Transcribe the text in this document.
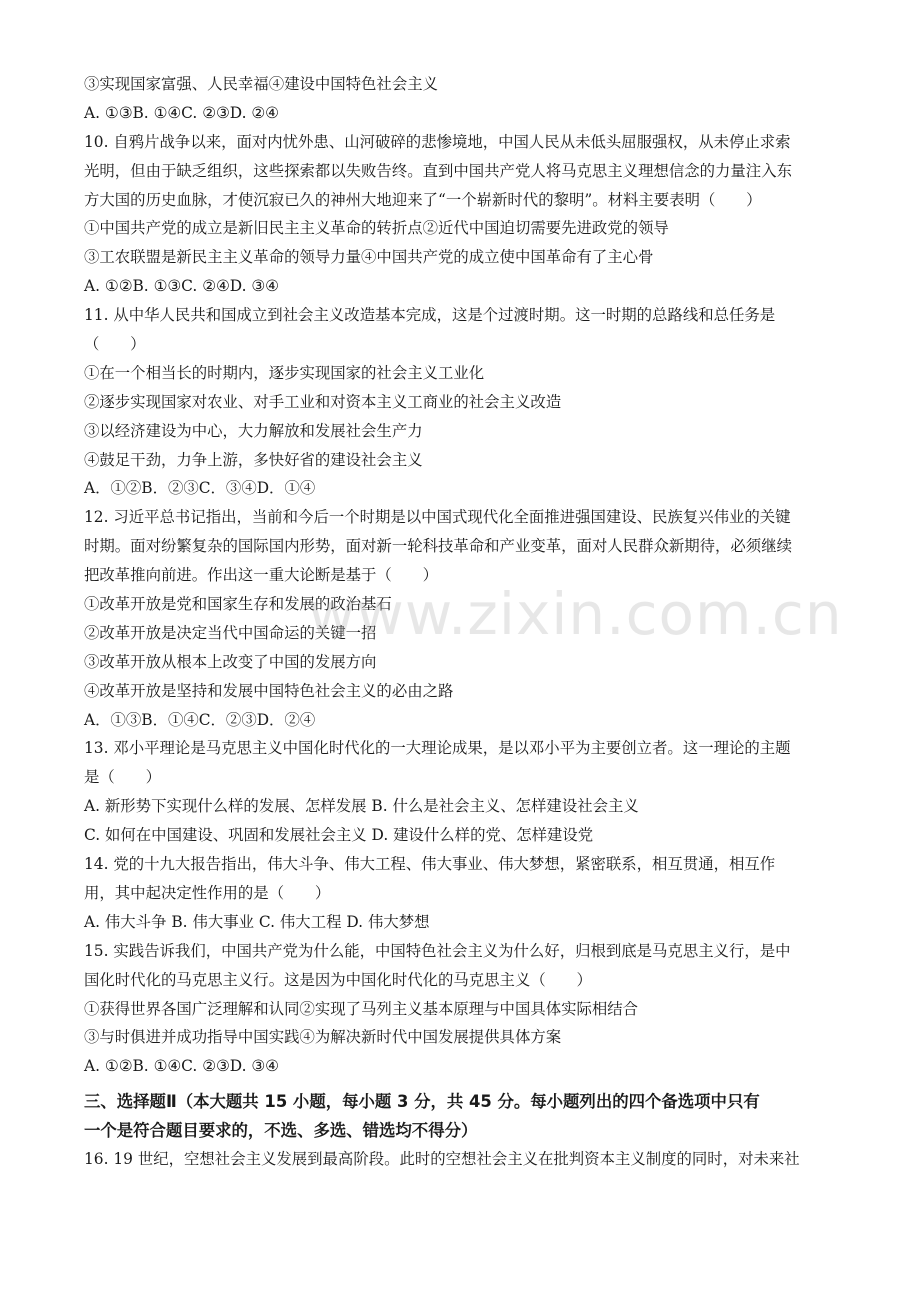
③实现国家富强、人民幸福④建设中国特色社会主义
A. ①③B. ①④C. ②③D. ②④
10. 自鸦片战争以来，面对内忧外患、山河破碎的悲惨境地，中国人民从未低头屈服强权，从未停止求索
光明，但由于缺乏组织，这些探索都以失败告终。直到中国共产党人将马克思主义理想信念的力量注入东
方大国的历史血脉，才使沉寂已久的神州大地迎来了“一个崭新时代的黎明”。材料主要表明（　　）
①中国共产党的成立是新旧民主主义革命的转折点②近代中国迫切需要先进政党的领导
③工农联盟是新民主主义革命的领导力量④中国共产党的成立使中国革命有了主心骨
A. ①②B. ①③C. ②④D. ③④
11. 从中华人民共和国成立到社会主义改造基本完成，这是个过渡时期。这一时期的总路线和总任务是
（　　）
①在一个相当长的时期内，逐步实现国家的社会主义工业化
②逐步实现国家对农业、对手工业和对资本主义工商业的社会主义改造
③以经济建设为中心，大力解放和发展社会生产力
④鼓足干劲，力争上游，多快好省的建设社会主义
A．①②B．②③C．③④D．①④
12. 习近平总书记指出，当前和今后一个时期是以中国式现代化全面推进强国建设、民族复兴伟业的关键
时期。面对纷繁复杂的国际国内形势，面对新一轮科技革命和产业变革，面对人民群众新期待，必须继续
把改革推向前进。作出这一重大论断是基于（　　）
①改革开放是党和国家生存和发展的政治基石
②改革开放是决定当代中国命运的关键一招
③改革开放从根本上改变了中国的发展方向
④改革开放是坚持和发展中国特色社会主义的必由之路
A．①③B．①④C．②③D．②④
13. 邓小平理论是马克思主义中国化时代化的一大理论成果，是以邓小平为主要创立者。这一理论的主题
是（　　）
A. 新形势下实现什么样的发展、怎样发展 B. 什么是社会主义、怎样建设社会主义
C. 如何在中国建设、巩固和发展社会主义 D. 建设什么样的党、怎样建设党
14. 党的十九大报告指出，伟大斗争、伟大工程、伟大事业、伟大梦想，紧密联系，相互贯通，相互作
用，其中起决定性作用的是（　　）
A. 伟大斗争 B. 伟大事业 C. 伟大工程 D. 伟大梦想
15. 实践告诉我们，中国共产党为什么能，中国特色社会主义为什么好，归根到底是马克思主义行，是中
国化时代化的马克思主义行。这是因为中国化时代化的马克思主义（　　）
①获得世界各国广泛理解和认同②实现了马列主义基本原理与中国具体实际相结合
③与时俱进并成功指导中国实践④为解决新时代中国发展提供具体方案
A. ①②B. ①④C. ②③D. ③④
三、选择题Ⅱ（本大题共 15 小题，每小题 3 分，共 45 分。每小题列出的四个备选项中只有
一个是符合题目要求的，不选、多选、错选均不得分）
16. 19 世纪，空想社会主义发展到最高阶段。此时的空想社会主义在批判资本主义制度的同时，对未来社
www.zixin.com.cn
